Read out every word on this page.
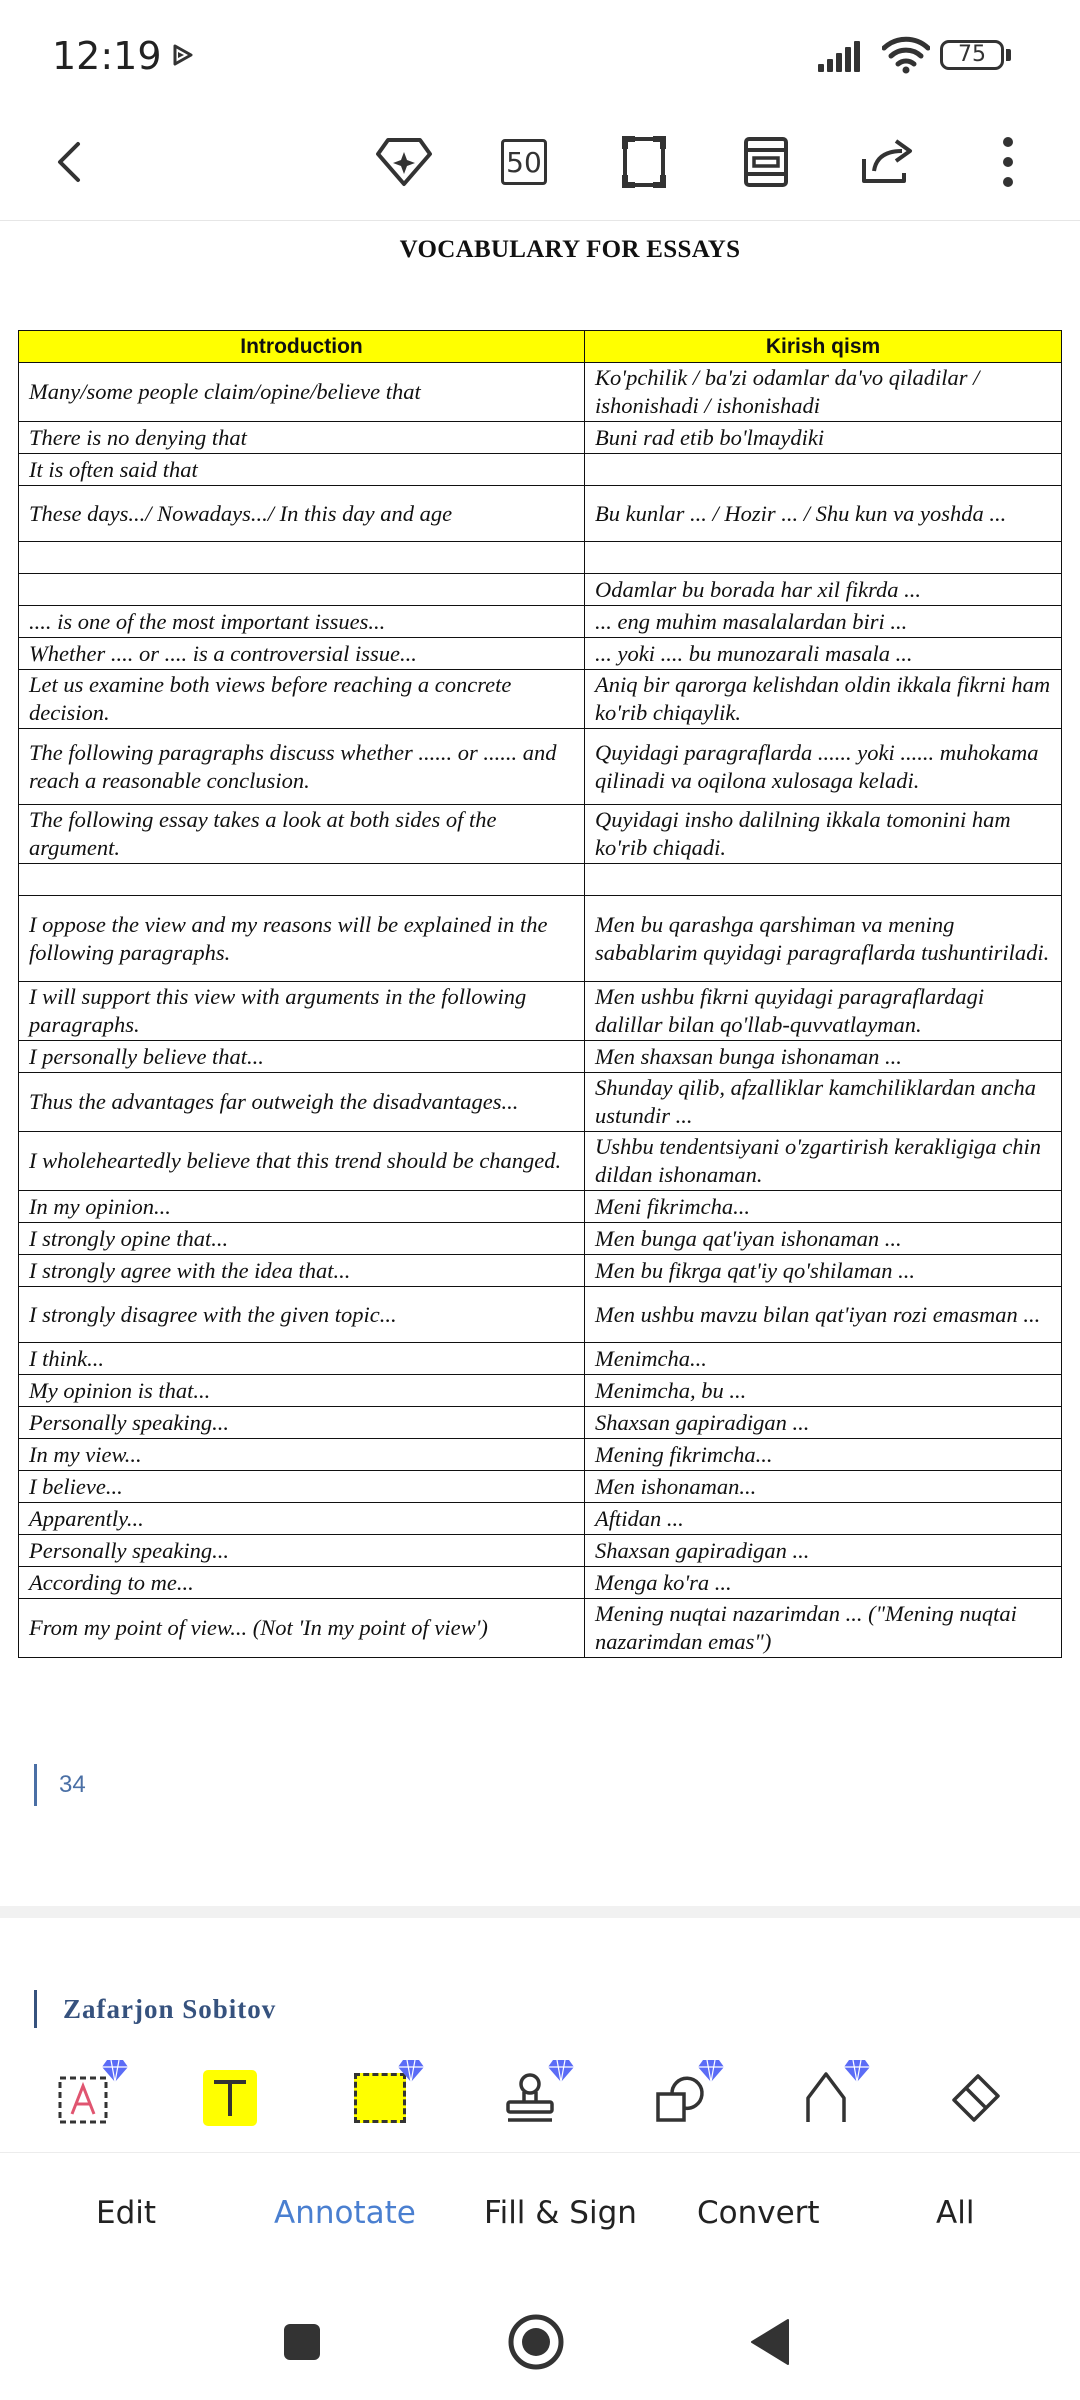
12:19	75
50
VOCABULARY FOR ESSAYS
Introduction	Kirish qism
Many/some people claim/opine/believe that	Ko'pchilik / ba'zi odamlar da'vo qiladilar / ishonishadi / ishonishadi
There is no denying that	Buni rad etib bo'lmaydiki
It is often said that	
These days.../ Nowadays.../ In this day and age	Bu kunlar ... / Hozir ... / Shu kun va yoshda ...

	Odamlar bu borada har xil fikrda ...
.... is one of the most important issues...	... eng muhim masalalardan biri ...
Whether .... or .... is a controversial issue...	... yoki .... bu munozarali masala ...
Let us examine both views before reaching a concrete decision.	Aniq bir qarorga kelishdan oldin ikkala fikrni ham ko'rib chiqaylik.
The following paragraphs discuss whether ...... or ...... and reach a reasonable conclusion.	Quyidagi paragraflarda ...... yoki ...... muhokama qilinadi va oqilona xulosaga keladi.
The following essay takes a look at both sides of the argument.	Quyidagi insho dalilning ikkala tomonini ham ko'rib chiqadi.

I oppose the view and my reasons will be explained in the following paragraphs.	Men bu qarashga qarshiman va mening sabablarim quyidagi paragraflarda tushuntiriladi.
I will support this view with arguments in the following paragraphs.	Men ushbu fikrni quyidagi paragraflardagi dalillar bilan qo'llab-quvvatlayman.
I personally believe that...	Men shaxsan bunga ishonaman ...
Thus the advantages far outweigh the disadvantages...	Shunday qilib, afzalliklar kamchiliklardan ancha ustundir ...
I wholeheartedly believe that this trend should be changed.	Ushbu tendentsiyani o'zgartirish kerakligiga chin dildan ishonaman.
In my opinion...	Meni fikrimcha...
I strongly opine that...	Men bunga qat'iyan ishonaman ...
I strongly agree with the idea that...	Men bu fikrga qat'iy qo'shilaman ...
I strongly disagree with the given topic...	Men ushbu mavzu bilan qat'iyan rozi emasman ...
I think...	Menimcha...
My opinion is that...	Menimcha, bu ...
Personally speaking...	Shaxsan gapiradigan ...
In my view...	Mening fikrimcha...
I believe...	Men ishonaman...
Apparently...	Aftidan ...
Personally speaking...	Shaxsan gapiradigan ...
According to me...	Menga ko'ra ...
From my point of view... (Not 'In my point of view')	Mening nuqtai nazarimdan ... ("Mening nuqtai nazarimdan emas")
34
Zafarjon Sobitov
Edit	Annotate Fill & Sign Convert	All
